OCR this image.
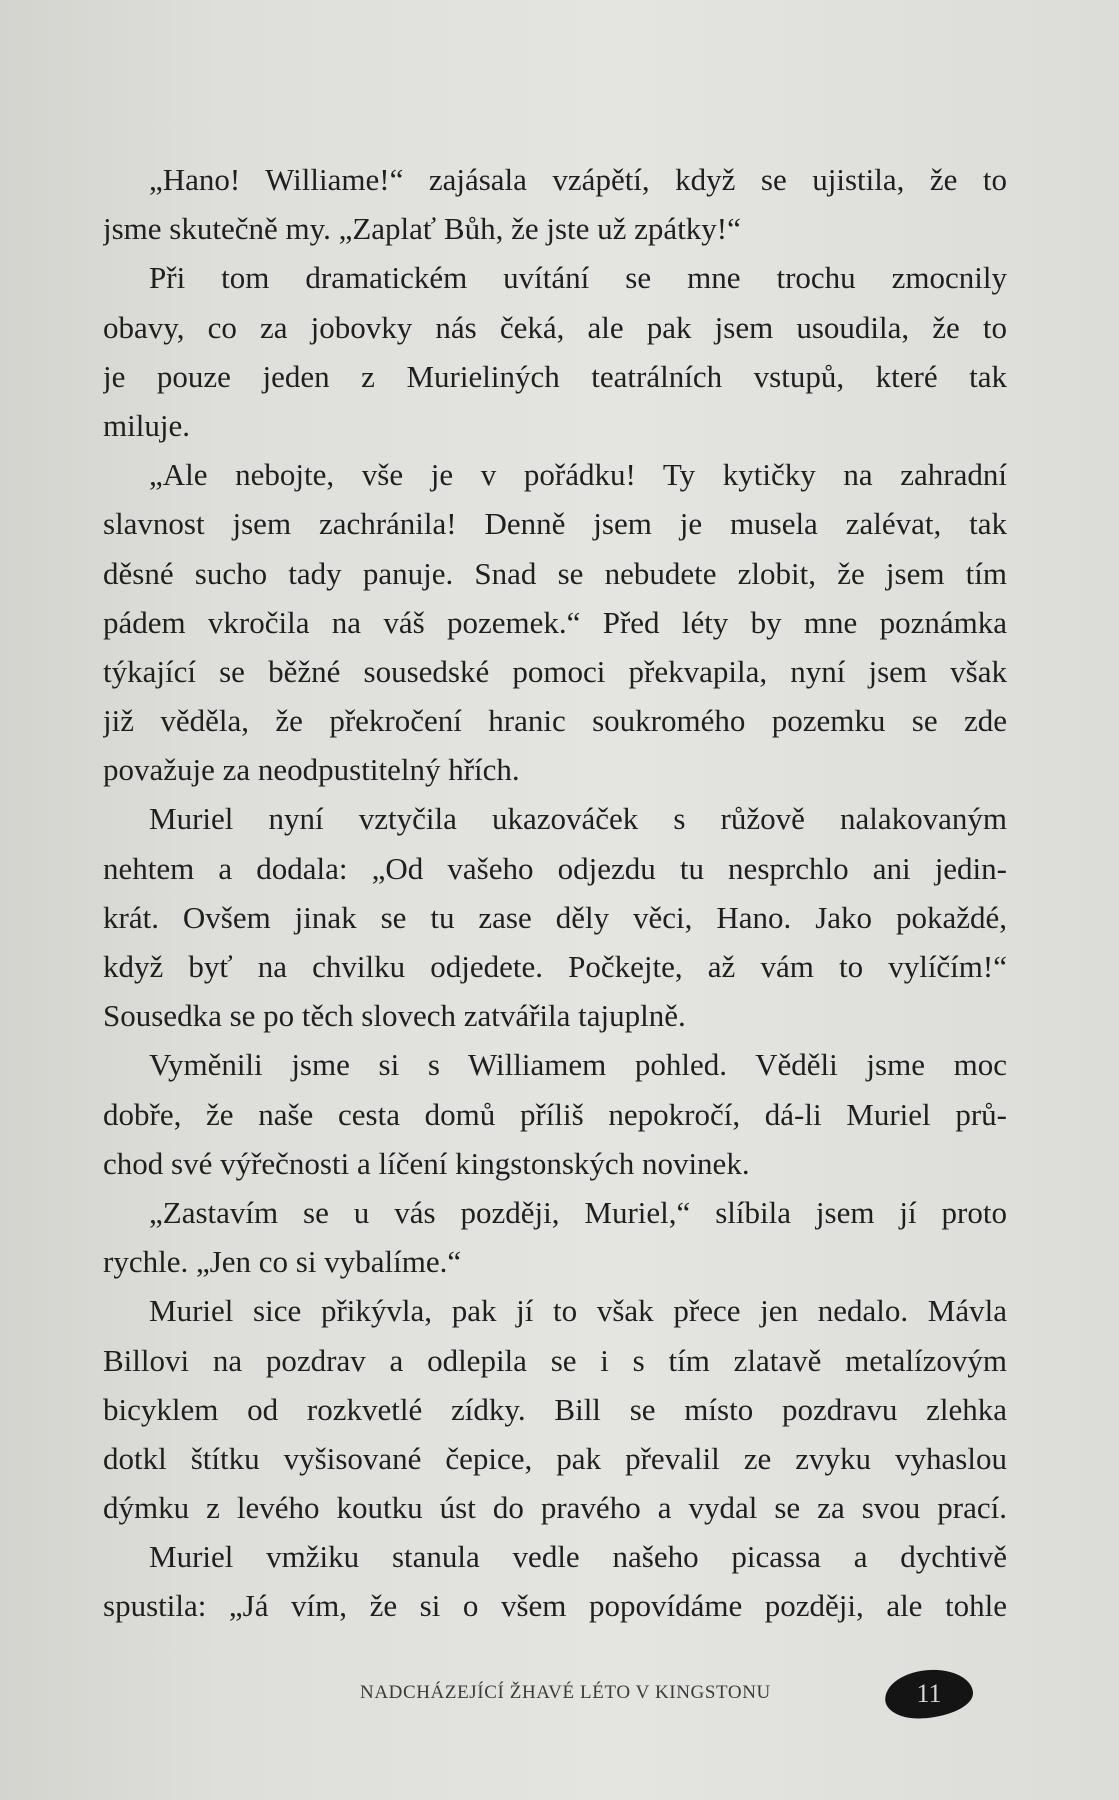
„Hano! Williame!“ zajásala vzápětí, když se ujistila, že to
jsme skutečně my. „Zaplať Bůh, že jste už zpátky!“
Při tom dramatickém uvítání se mne trochu zmocnily
obavy, co za jobovky nás čeká, ale pak jsem usoudila, že to
je pouze jeden z Murieliných teatrálních vstupů, které tak
miluje.
„Ale nebojte, vše je v pořádku! Ty kytičky na zahradní
slavnost jsem zachránila! Denně jsem je musela zalévat, tak
děsné sucho tady panuje. Snad se nebudete zlobit, že jsem tím
pádem vkročila na váš pozemek.“ Před léty by mne poznámka
týkající se běžné sousedské pomoci překvapila, nyní jsem však
již věděla, že překročení hranic soukromého pozemku se zde
považuje za neodpustitelný hřích.
Muriel nyní vztyčila ukazováček s růžově nalakovaným
nehtem a dodala: „Od vašeho odjezdu tu nesprchlo ani jedin-
krát. Ovšem jinak se tu zase děly věci, Hano. Jako pokaždé,
když byť na chvilku odjedete. Počkejte, až vám to vylíčím!“
Sousedka se po těch slovech zatvářila tajuplně.
Vyměnili jsme si s Williamem pohled. Věděli jsme moc
dobře, že naše cesta domů příliš nepokročí, dá-li Muriel prů-
chod své výřečnosti a líčení kingstonských novinek.
„Zastavím se u vás později, Muriel,“ slíbila jsem jí proto
rychle. „Jen co si vybalíme.“
Muriel sice přikývla, pak jí to však přece jen nedalo. Mávla
Billovi na pozdrav a odlepila se i s tím zlatavě metalízovým
bicyklem od rozkvetlé zídky. Bill se místo pozdravu zlehka
dotkl štítku vyšisované čepice, pak převalil ze zvyku vyhaslou
dýmku z levého koutku úst do pravého a vydal se za svou prací.
Muriel vmžiku stanula vedle našeho picassa a dychtivě
spustila: „Já vím, že si o všem popovídáme později, ale tohle
NADCHÁZEJÍCÍ ŽHAVÉ LÉTO V KINGSTONU	11
